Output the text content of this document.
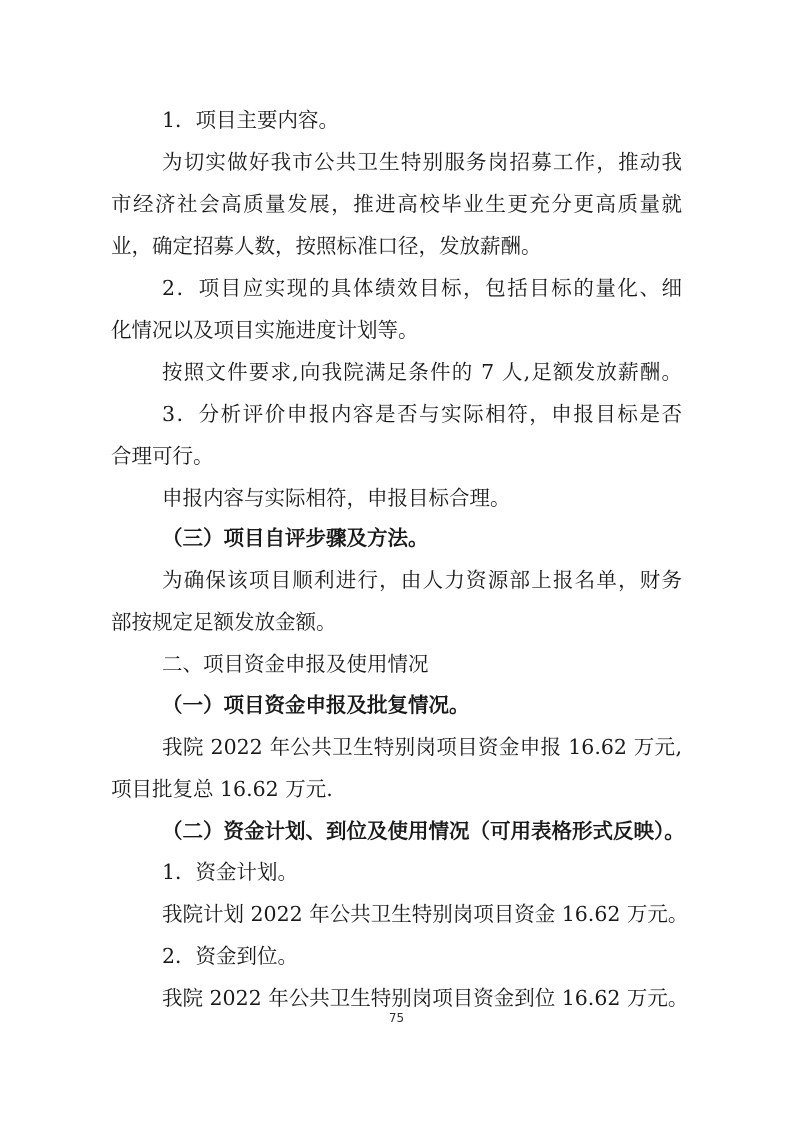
1．项目主要内容。
为切实做好我市公共卫生特别服务岗招募工作，推动我
市经济社会高质量发展，推进高校毕业生更充分更高质量就
业，确定招募人数，按照标准口径，发放薪酬。
2．项目应实现的具体绩效目标，包括目标的量化、细
化情况以及项目实施进度计划等。
按照文件要求,向我院满足条件的 7 人,足额发放薪酬。
3．分析评价申报内容是否与实际相符，申报目标是否
合理可行。
申报内容与实际相符，申报目标合理。
（三）项目自评步骤及方法。
为确保该项目顺利进行，由人力资源部上报名单，财务
部按规定足额发放金额。
二、项目资金申报及使用情况
（一）项目资金申报及批复情况。
我院 2022 年公共卫生特别岗项目资金申报 16.62 万元,
项目批复总 16.62 万元.
（二）资金计划、到位及使用情况（可用表格形式反映）。
1．资金计划。
我院计划 2022 年公共卫生特别岗项目资金 16.62 万元。
2．资金到位。
我院 2022 年公共卫生特别岗项目资金到位 16.62 万元。
75
